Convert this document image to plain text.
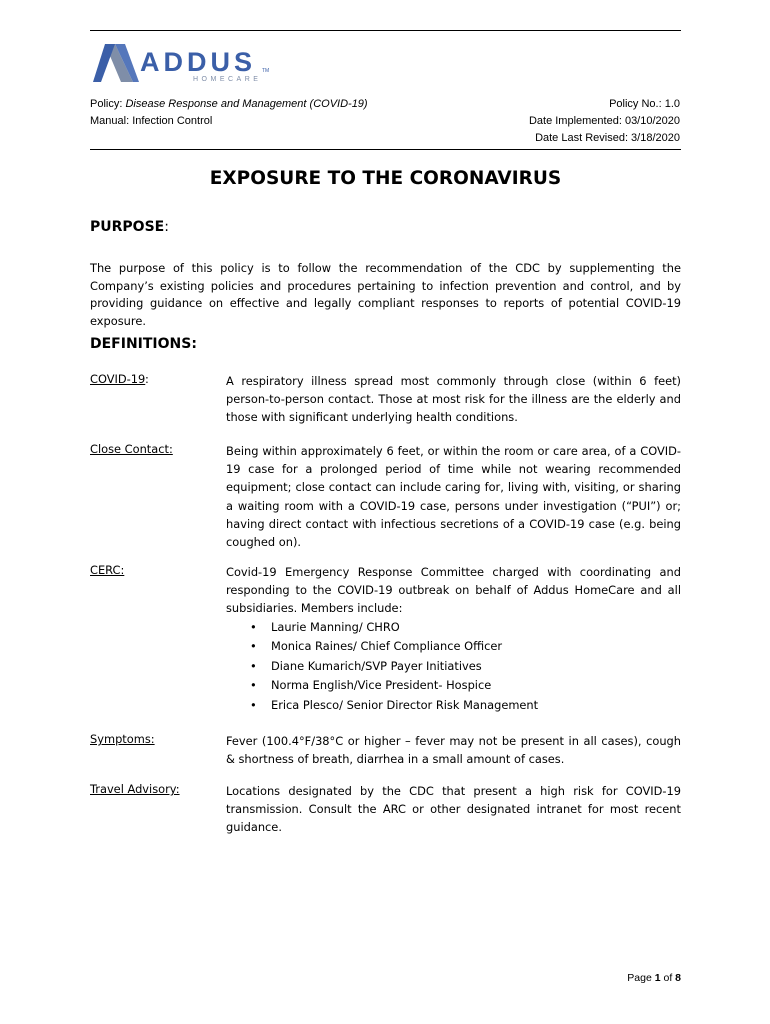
ADDUS TM
HOMECARE
Policy: Disease Response and Management (COVID-19)
Manual: Infection Control
Policy No.: 1.0
Date Implemented: 03/10/2020
Date Last Revised: 3/18/2020
EXPOSURE TO THE CORONAVIRUS
PURPOSE:
The purpose of this policy is to follow the recommendation of the CDC by supplementing the Company’s existing policies and procedures pertaining to infection prevention and control, and by providing guidance on effective and legally compliant responses to reports of potential COVID-19 exposure.
DEFINITIONS:
COVID-19 :	A respiratory illness spread most commonly through close (within 6 feet) person-to-person contact. Those at most risk for the illness are the elderly and those with significant underlying health conditions.
Close Contact:	Being within approximately 6 feet, or within the room or care area, of a COVID-19 case for a prolonged period of time while not wearing recommended equipment; close contact can include caring for, living with, visiting, or sharing a waiting room with a COVID-19 case, persons under investigation (“PUI”) or; having direct contact with infectious secretions of a COVID-19 case (e.g. being coughed on).
CERC:	Covid-19 Emergency Response Committee charged with coordinating and responding to the COVID-19 outbreak on behalf of Addus HomeCare and all subsidiaries. Members include:
• Laurie Manning/ CHRO
• Monica Raines/ Chief Compliance Officer
• Diane Kumarich/SVP Payer Initiatives
• Norma English/Vice President- Hospice
• Erica Plesco/ Senior Director Risk Management
Symptoms:	Fever (100.4°F/38°C or higher – fever may not be present in all cases), cough & shortness of breath, diarrhea in a small amount of cases.
Travel Advisory:	Locations designated by the CDC that present a high risk for COVID-19 transmission. Consult the ARC or other designated intranet for most recent guidance.
Page 1 of 8
